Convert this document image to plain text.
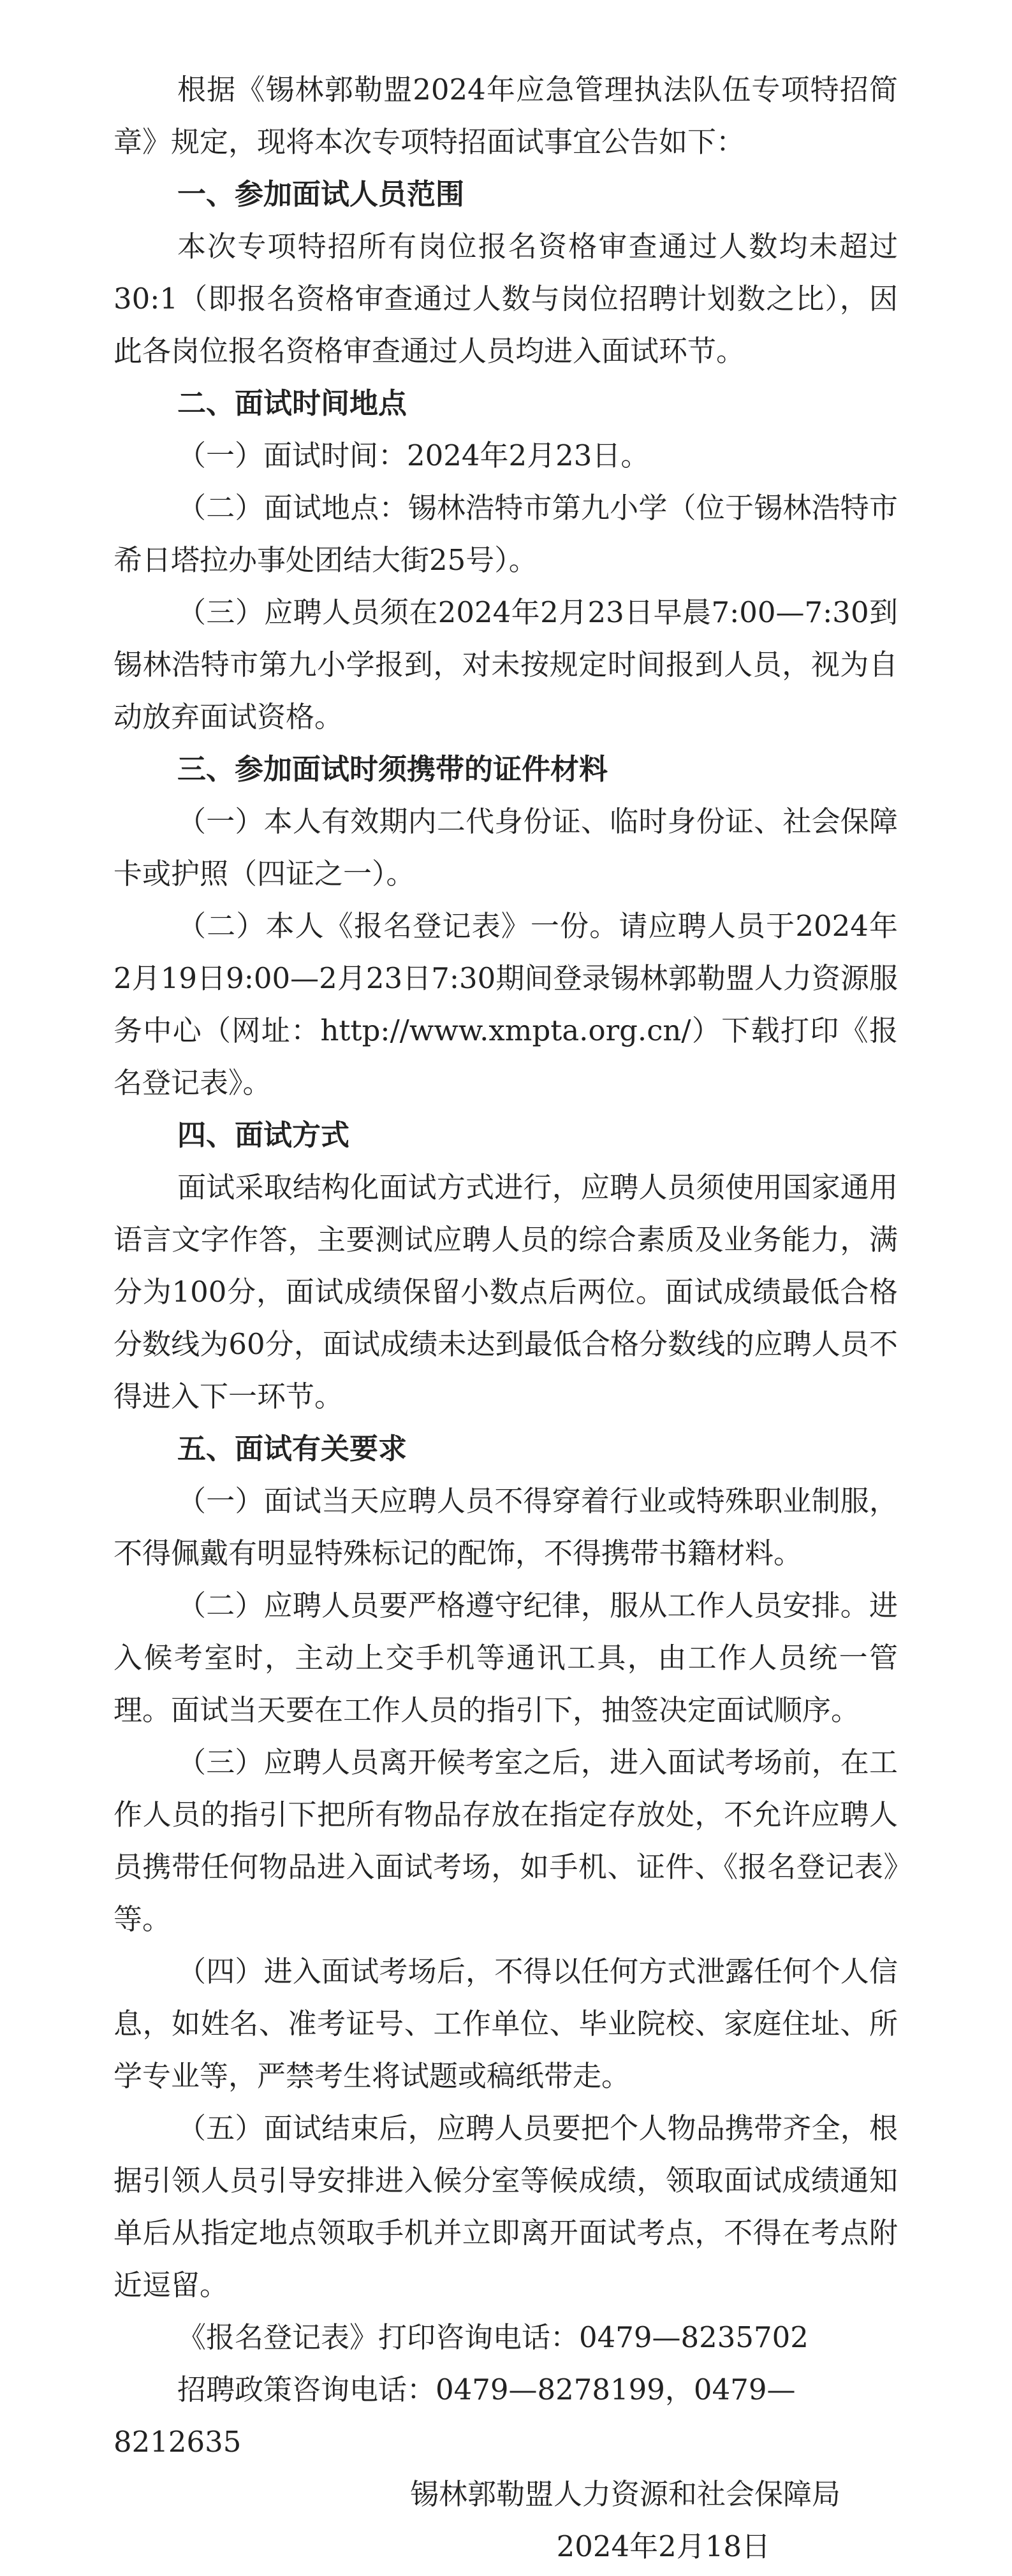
根据《锡林郭勒盟2024年应急管理执法队伍专项特招简章》规定，现将本次专项特招面试事宜公告如下：

一、参加面试人员范围

本次专项特招所有岗位报名资格审查通过人数均未超过30:1（即报名资格审查通过人数与岗位招聘计划数之比），因此各岗位报名资格审查通过人员均进入面试环节。

二、面试时间地点

（一）面试时间：2024年2月23日。

（二）面试地点：锡林浩特市第九小学（位于锡林浩特市希日塔拉办事处团结大街25号）。

（三）应聘人员须在2024年2月23日早晨7:00—7:30到锡林浩特市第九小学报到，对未按规定时间报到人员，视为自动放弃面试资格。

三、参加面试时须携带的证件材料

（一）本人有效期内二代身份证、临时身份证、社会保障卡或护照（四证之一）。

（二）本人《报名登记表》一份。请应聘人员于2024年2月19日9:00—2月23日7:30期间登录锡林郭勒盟人力资源服务中心（网址：http://www.xmpta.org.cn/）下载打印《报名登记表》。

四、面试方式

面试采取结构化面试方式进行，应聘人员须使用国家通用语言文字作答，主要测试应聘人员的综合素质及业务能力，满分为100分，面试成绩保留小数点后两位。面试成绩最低合格分数线为60分，面试成绩未达到最低合格分数线的应聘人员不得进入下一环节。

五、面试有关要求

（一）面试当天应聘人员不得穿着行业或特殊职业制服，不得佩戴有明显特殊标记的配饰，不得携带书籍材料。

（二）应聘人员要严格遵守纪律，服从工作人员安排。进入候考室时，主动上交手机等通讯工具，由工作人员统一管理。面试当天要在工作人员的指引下，抽签决定面试顺序。

（三）应聘人员离开候考室之后，进入面试考场前，在工作人员的指引下把所有物品存放在指定存放处，不允许应聘人员携带任何物品进入面试考场，如手机、证件、《报名登记表》等。

（四）进入面试考场后，不得以任何方式泄露任何个人信息，如姓名、准考证号、工作单位、毕业院校、家庭住址、所学专业等，严禁考生将试题或稿纸带走。

（五）面试结束后，应聘人员要把个人物品携带齐全，根据引领人员引导安排进入候分室等候成绩，领取面试成绩通知单后从指定地点领取手机并立即离开面试考点，不得在考点附近逗留。

《报名登记表》打印咨询电话：0479—8235702

招聘政策咨询电话：0479—8278199，0479—8212635

锡林郭勒盟人力资源和社会保障局

2024年2月18日
